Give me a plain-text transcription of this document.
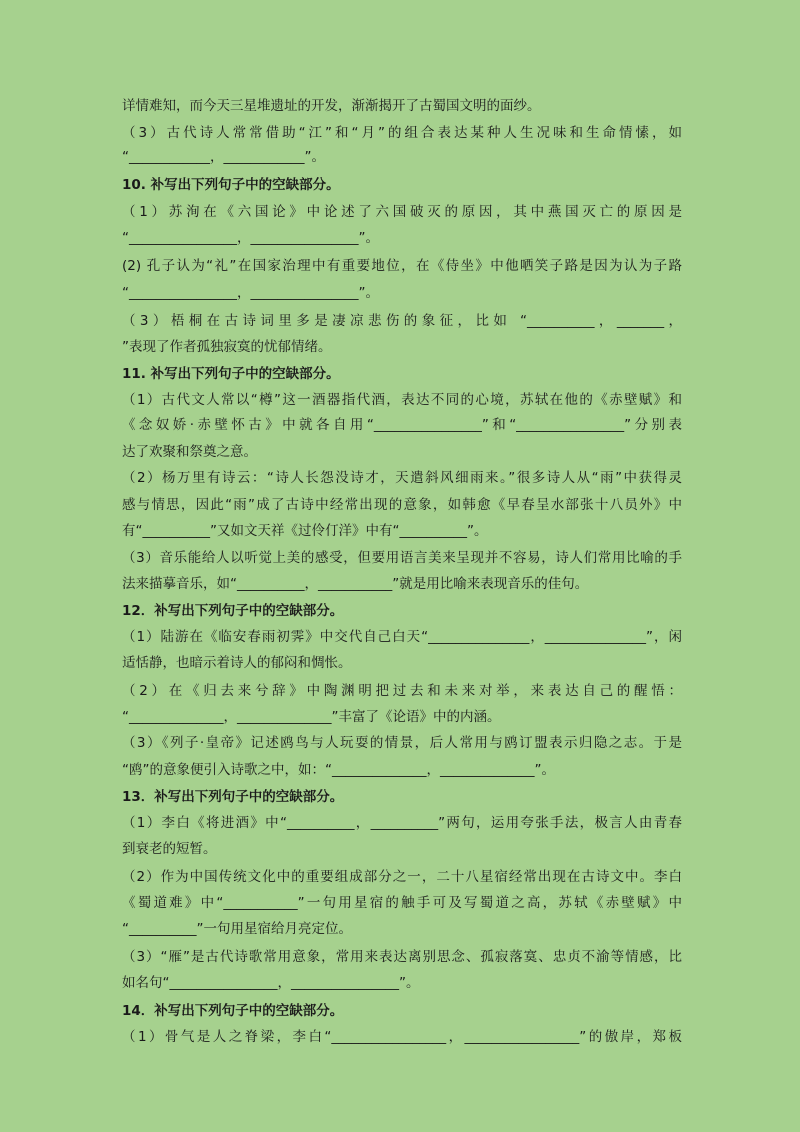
详情难知，而今天三星堆遗址的开发，渐渐揭开了古蜀国文明的面纱。
（3）古代诗人常常借助“江”和“月”的组合表达某种人生况味和生命情愫，如
“____________，____________”。
10. 补写出下列句子中的空缺部分。
（1）苏洵在《六国论》中论述了六国破灭的原因，其中燕国灭亡的原因是
“________________，________________”。
(2) 孔子认为“礼”在国家治理中有重要地位，在《侍坐》中他哂笑子路是因为认为子路
“________________，________________”。
（3）梧桐在古诗词里多是凄凉悲伤的象征，比如 “__________，_______，
”表现了作者孤独寂寞的忧郁情绪。
11. 补写出下列句子中的空缺部分。
（1）古代文人常以“樽”这一酒器指代酒，表达不同的心境，苏轼在他的《赤壁赋》和
《念奴娇·赤壁怀古》中就各自用“________________”和“________________”分别表
达了欢聚和祭奠之意。
（2）杨万里有诗云：“诗人长怨没诗才，天遣斜风细雨来。”很多诗人从“雨”中获得灵
感与情思，因此“雨”成了古诗中经常出现的意象，如韩愈《早春呈水部张十八员外》中
有“__________”又如文天祥《过伶仃洋》中有“__________”。
（3）音乐能给人以听觉上美的感受，但要用语言美来呈现并不容易，诗人们常用比喻的手
法来描摹音乐，如“__________，___________”就是用比喻来表现音乐的佳句。
12．补写出下列句子中的空缺部分。
（1）陆游在《临安春雨初霁》中交代自己白天“_______________，_______________”，闲
适恬静，也暗示着诗人的郁闷和惆怅。
（2）在《归去来兮辞》中陶渊明把过去和未来对举，来表达自己的醒悟：
“______________，______________”丰富了《论语》中的内涵。
（3）《列子·皇帝》记述鸥鸟与人玩耍的情景，后人常用与鸥订盟表示归隐之志。于是
“鸥”的意象便引入诗歌之中，如：“______________，______________”。
13．补写出下列句子中的空缺部分。
（1）李白《将进酒》中“__________，__________”两句，运用夸张手法，极言人由青春
到衰老的短暂。
（2）作为中国传统文化中的重要组成部分之一，二十八星宿经常出现在古诗文中。李白
《蜀道难》中“___________”一句用星宿的触手可及写蜀道之高，苏轼《赤壁赋》中
“__________”一句用星宿给月亮定位。
（3）“雁”是古代诗歌常用意象，常用来表达离别思念、孤寂落寞、忠贞不渝等情感，比
如名句“________________，________________”。
14．补写出下列句子中的空缺部分。
（1）骨气是人之脊梁，李白“_________________，_________________”的傲岸，郑板
